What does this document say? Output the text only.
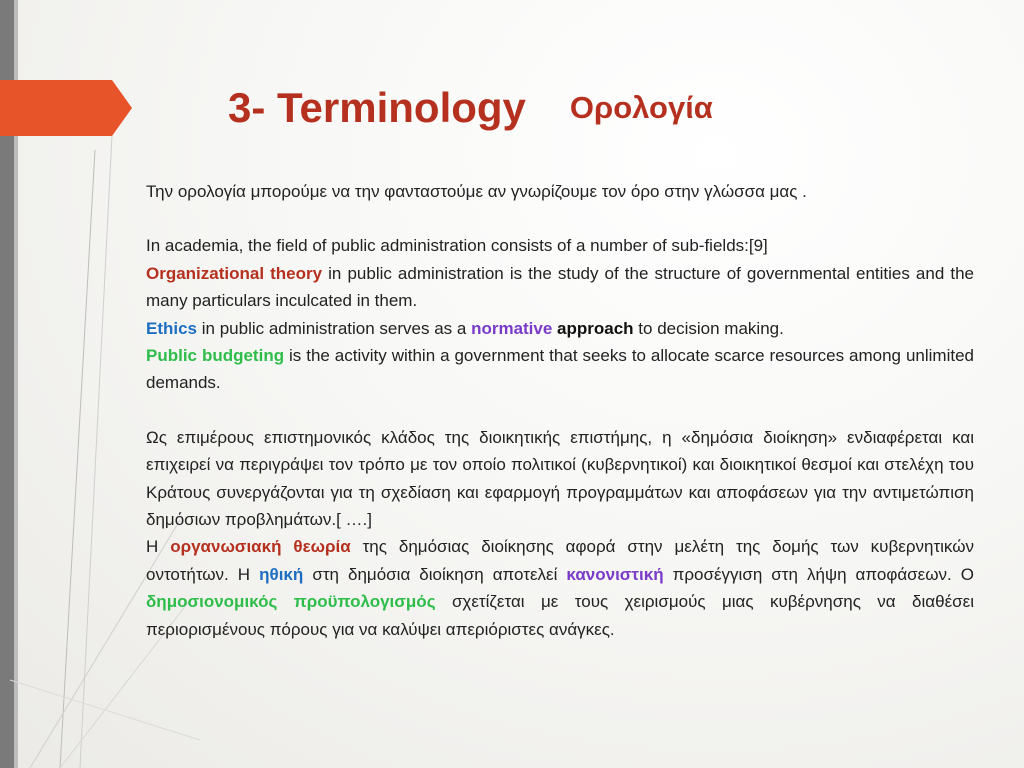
3- Terminology Ορολογία

Την ορολογία μπορούμε να την φανταστούμε αν γνωρίζουμε τον όρο στην γλώσσα μας .

In academia, the field of public administration consists of a number of sub-fields:[9]

Organizational theory in public administration is the study of the structure of governmental entities and the many particulars inculcated in them.

Ethics in public administration serves as a normative approach to decision making.

Public budgeting is the activity within a government that seeks to allocate scarce resources among unlimited demands.

Ως επιμέρους επιστημονικός κλάδος της διοικητικής επιστήμης, η «δημόσια διοίκηση» ενδιαφέρεται και επιχειρεί να περιγράψει τον τρόπο με τον οποίο πολιτικοί (κυβερνητικοί) και διοικητικοί θεσμοί και στελέχη του Κράτους συνεργάζονται για τη σχεδίαση και εφαρμογή προγραμμάτων και αποφάσεων για την αντιμετώπιση δημόσιων προβλημάτων.[ ….]

Η οργανωσιακή θεωρία της δημόσιας διοίκησης αφορά στην μελέτη της δομής των κυβερνητικών οντοτήτων. Η ηθική στη δημόσια διοίκηση αποτελεί κανονιστική προσέγγιση στη λήψη αποφάσεων. Ο δημοσιονομικός προϋπολογισμός σχετίζεται με τους χειρισμούς μιας κυβέρνησης να διαθέσει περιορισμένους πόρους για να καλύψει απεριόριστες ανάγκες.
